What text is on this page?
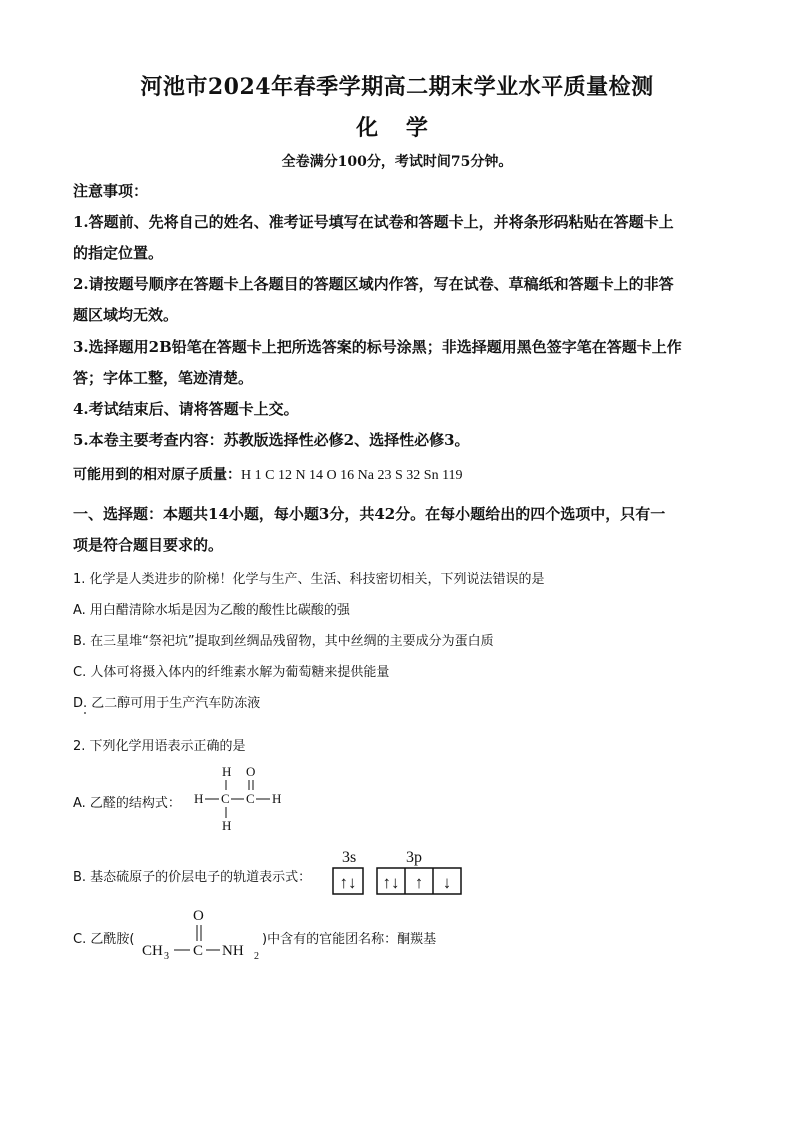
河池市2024年春季学期高二期末学业水平质量检测
化 学
全卷满分100分，考试时间75分钟。
注意事项：
1.答题前、先将自己的姓名、准考证号填写在试卷和答题卡上，并将条形码粘贴在答题卡上
的指定位置。
2.请按题号顺序在答题卡上各题目的答题区域内作答，写在试卷、草稿纸和答题卡上的非答
题区域均无效。
3.选择题用2B铅笔在答题卡上把所选答案的标号涂黑；非选择题用黑色签字笔在答题卡上作
答；字体工整，笔迹清楚。
4.考试结束后、请将答题卡上交。
5.本卷主要考查内容：苏教版选择性必修2、选择性必修3。
可能用到的相对原子质量：H 1 C 12 N 14 O 16 Na 23 S 32 Sn 119
一、选择题：本题共14小题，每小题3分，共42分。在每小题给出的四个选项中，只有一
项是符合题目要求的。
1. 化学是人类进步的阶梯！化学与生产、生活、科技密切相关，下列说法错误的是
A. 用白醋清除水垢是因为乙酸的酸性比碳酸的强
B. 在三星堆“祭祀坑”提取到丝绸品残留物，其中丝绸的主要成分为蛋白质
C. 人体可将摄入体内的纤维素水解为葡萄糖来提供能量
D. 乙二醇可用于生产汽车防冻液
2. 下列化学用语表示正确的是
A. 乙醛的结构式：
H O
H C C H
H
B. 基态硫原子的价层电子的轨道表示式：
3s	3p
↑↓ ↑↓ ↑ ↓
C. 乙酰胺(
O
CH 3 C NH 2
)中含有的官能团名称：酮羰基
